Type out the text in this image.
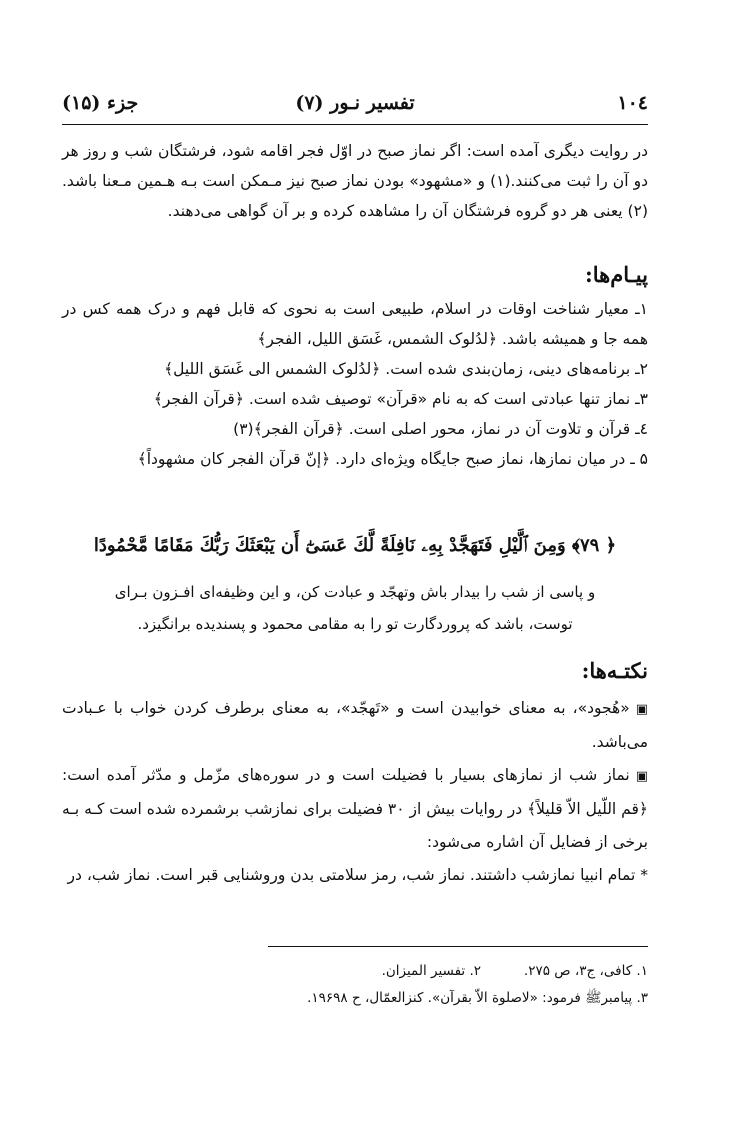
۱۰٤
تفسیر نـور (٧)
جزء (۱۵)

در روایت دیگری آمده است: اگر نماز صبح در اوّل فجر اقامه شود، فرشتگان شب و روز هر دو آن را ثبت می‌کنند.(۱) و «مشهود» بودن نماز صبح نیز مـمکن است بـه هـمین مـعنا باشد.(۲) یعنی هر دو گروه فرشتگان آن را مشاهده کرده و بر آن گواهی می‌دهند.

پیـام‌ها:

۱ـ معیار شناخت اوقات در اسلام، طبیعی است به نحوی که قابل فهم و درک همه کس در همه جا و همیشه باشد. ﴿لدُلوک الشمس، غَسَق اللیل، الفجر﴾

۲ـ برنامه‌های دینی، زمان‌بندی شده است. ﴿لدُلوک الشمس الی غَسَق اللیل﴾

۳ـ نماز تنها عبادتی است که به نام «قرآن» توصیف شده است. ﴿قرآن الفجر﴾

٤ـ قرآن و تلاوت آن در نماز، محور اصلی است. ﴿قرآن الفجر﴾(۳)

۵ ـ در میان نمازها، نماز صبح جایگاه ویژه‌ای دارد. ﴿إنّ قرآن الفجر کان مشهوداً﴾

﴿ ۷۹﴾ وَمِنَ ٱلَّيْلِ فَتَهَجَّدْ بِهِۦ نَافِلَةً لَّكَ عَسَىٰٓ أَن يَبْعَثَكَ رَبُّكَ مَقَامًا مَّحْمُودًا

و پاسی از شب را بیدار باش وتهجّد و عبادت کن، و این وظیفه‌ای افـزون بـرای

توست، باشد که پروردگارت تو را به مقامی محمود و پسندیده برانگیزد.

نکتـه‌ها:

▣«هُجود»، به معنای خوابیدن است و «تَهجّد»، به معنای برطرف کردن خواب با عـبادت می‌باشد.

▣نماز شب از نمازهای بسیار با فضیلت است و در سوره‌های مزّمل و مدّثر آمده است: ﴿قم اللّیل الاّ قلیلاً﴾ در روایات بیش از ۳۰ فضیلت برای نمازشب برشمرده شده است کـه بـه برخی از فضایل آن اشاره می‌شود:

* تمام انبیا نمازشب داشتند. نماز شب، رمز سلامتی بدن وروشنایی قبر است. نماز شب، در

۱. کافی، ج۳، ص ۲۷۵.          ۲. تفسیر المیزان.

۳. پیامبرﷺ فرمود: «لاصلوة الاّ بقرآن». کنزالعمّال، ح ۱۹۶۹۸.
